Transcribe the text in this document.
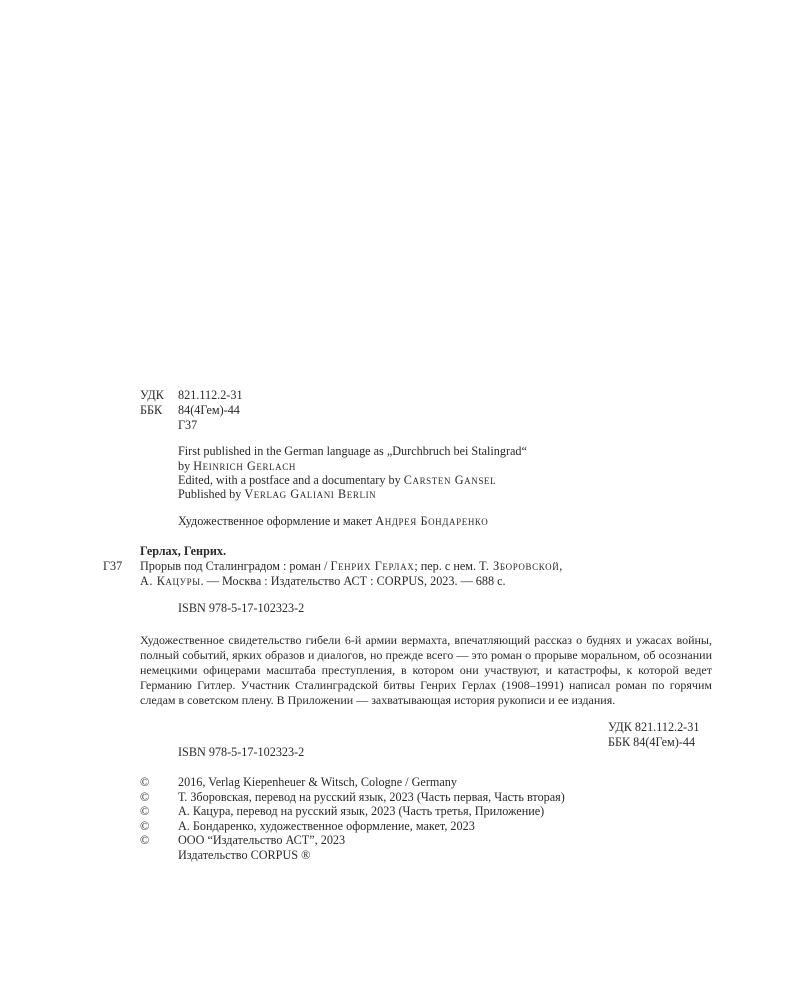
УДК 821.112.2-31
ББК 84(4Гем)-44
Г37
First published in the German language as „Durchbruch bei Stalingrad“
by Heinrich Gerlach
Edited, with a postface and a documentary by Carsten Gansel
Published by Verlag Galiani Berlin
Художественное оформление и макет Андрея Бондаренко
Герлах, Генрих.
Г37 Прорыв под Сталинградом : роман / Генрих Герлах; пер. с нем. Т. Зборовской,
А. Кацуры. — Москва : Издательство АСТ : CORPUS, 2023. — 688 с.
ISBN 978-5-17-102323-2
Художественное свидетельство гибели 6-й армии вермахта, впечатляющий рассказ о буднях и ужасах войны, полный событий, ярких образов и диалогов, но прежде всего — это роман о прорыве моральном, об осознании немецкими офицерами масштаба преступления, в котором они участвуют, и катастрофы, к которой ведет Германию Гитлер. Участник Сталинградской битвы Генрих Герлах (1908–1991) написал роман по горячим следам в советском плену. В Приложении — захватывающая история рукописи и ее издания.
УДК 821.112.2-31
ББК 84(4Гем)-44
ISBN 978-5-17-102323-2
© 2016, Verlag Kiepenheuer & Witsch, Cologne / Germany
© Т. Зборовская, перевод на русский язык, 2023 (Часть первая, Часть вторая)
© А. Кацура, перевод на русский язык, 2023 (Часть третья, Приложение)
© А. Бондаренко, художественное оформление, макет, 2023
© ООО “Издательство АСТ”, 2023
Издательство CORPUS ®
